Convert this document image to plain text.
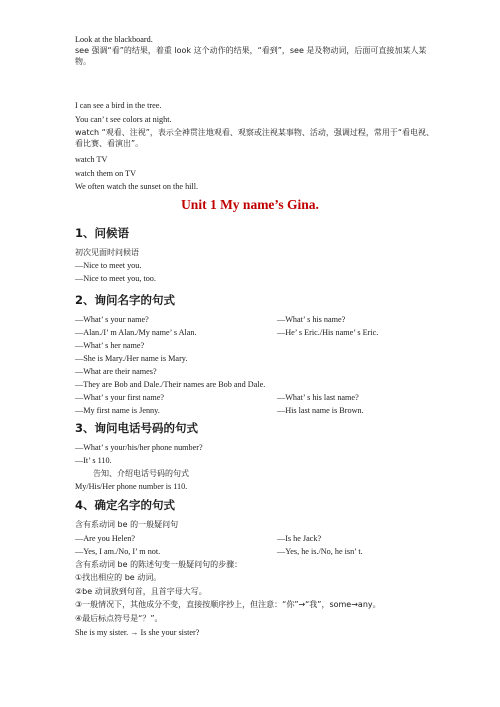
Look at the blackboard.
see 强调“看”的结果，着重 look 这个动作的结果，“看到”，see 是及物动词，后面可直接加某人某物。
I can see a bird in the tree.
You can’ t see colors at night.
watch “观看、注视”，表示全神贯注地观看、观察或注视某事物、活动，强调过程，常用于“看电视、看比赛、看演出”。
watch TV
watch them on TV
We often watch the sunset on the hill.
Unit 1 My name’s Gina.
1、问候语
初次见面时问候语
—Nice to meet you.
—Nice to meet you, too.
2、询问名字的句式
—What’ s your name?	—What’ s his name?
—Alan./I’ m Alan./My name’ s Alan.	—He’ s Eric./His name’ s Eric.
—What’ s her name?
—She is Mary./Her name is Mary.
—What are their names?
—They are Bob and Dale./Their names are Bob and Dale.
—What’ s your first name?	—What’ s his last name?
—My first name is Jenny.	—His last name is Brown.
3、询问电话号码的句式
—What’ s your/his/her phone number?
—It’ s 110.
告知、介绍电话号码的句式
My/His/Her phone number is 110.
4、确定名字的句式
含有系动词 be 的一般疑问句
—Are you Helen?	—Is he Jack?
—Yes, I am./No, I’ m not.	—Yes, he is./No, he isn’ t.
含有系动词 be 的陈述句变一般疑问句的步骤：
①找出相应的 be 动词。
②be 动词放到句首，且首字母大写。
③一般情况下，其他成分不变，直接按顺序抄上，但注意：“你”→“我”，some→any。
④最后标点符号是“？”。
She is my sister. → Is she your sister?
